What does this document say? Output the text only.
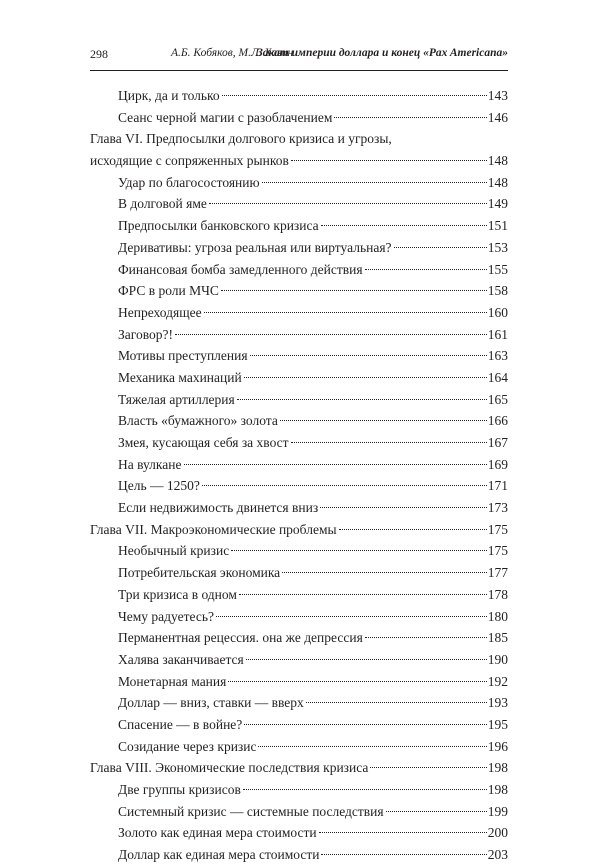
298	А.Б. Кобяков, М.Л. Хазин
Закат империи доллара и конец «Pax Americana»
Цирк, да и только	143
Сеанс черной магии с разоблачением	146
Глава VI. Предпосылки долгового кризиса и угрозы,
исходящие с сопряженных рынков	148
Удар по благосостоянию	148
В долговой яме	149
Предпосылки банковского кризиса	151
Деривативы: угроза реальная или виртуальная?	153
Финансовая бомба замедленного действия	155
ФРС в роли МЧС	158
Непреходящее	160
Заговор?!	161
Мотивы преступления	163
Механика махинаций	164
Тяжелая артиллерия	165
Власть «бумажного» золота	166
Змея, кусающая себя за хвост	167
На вулкане	169
Цель — 1250?	171
Если недвижимость двинется вниз	173
Глава VII. Макроэкономические проблемы	175
Необычный кризис	175
Потребительская экономика	177
Три кризиса в одном	178
Чему радуетесь?	180
Перманентная рецессия. она же депрессия	185
Халява заканчивается	190
Монетарная мания	192
Доллар — вниз, ставки — вверх	193
Спасение — в войне?	195
Созидание через кризис	196
Глава VIII. Экономические последствия кризиса	198
Две группы кризисов	198
Системный кризис — системные последствия	199
Золото как единая мера стоимости	200
Доллар как единая мера стоимости	203
